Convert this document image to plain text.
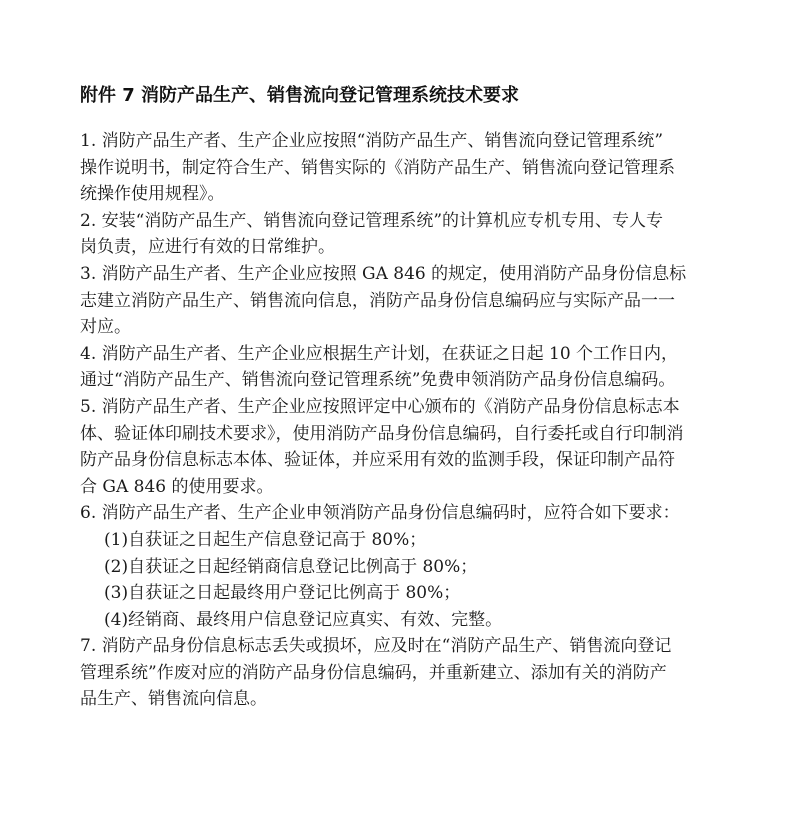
附件 7 消防产品生产、销售流向登记管理系统技术要求
1. 消防产品生产者、生产企业应按照“消防产品生产、销售流向登记管理系统”
操作说明书，制定符合生产、销售实际的《消防产品生产、销售流向登记管理系
统操作使用规程》。
2. 安装“消防产品生产、销售流向登记管理系统”的计算机应专机专用、专人专
岗负责，应进行有效的日常维护。
3. 消防产品生产者、生产企业应按照 GA 846 的规定，使用消防产品身份信息标
志建立消防产品生产、销售流向信息，消防产品身份信息编码应与实际产品一一
对应。
4. 消防产品生产者、生产企业应根据生产计划，在获证之日起 10 个工作日内，
通过“消防产品生产、销售流向登记管理系统”免费申领消防产品身份信息编码。
5. 消防产品生产者、生产企业应按照评定中心颁布的《消防产品身份信息标志本
体、验证体印刷技术要求》，使用消防产品身份信息编码，自行委托或自行印制消
防产品身份信息标志本体、验证体，并应采用有效的监测手段，保证印制产品符
合 GA 846 的使用要求。
6. 消防产品生产者、生产企业申领消防产品身份信息编码时，应符合如下要求：
(1)自获证之日起生产信息登记高于 80%；
(2)自获证之日起经销商信息登记比例高于 80%；
(3)自获证之日起最终用户登记比例高于 80%；
(4)经销商、最终用户信息登记应真实、有效、完整。
7. 消防产品身份信息标志丢失或损坏，应及时在“消防产品生产、销售流向登记
管理系统”作废对应的消防产品身份信息编码，并重新建立、添加有关的消防产
品生产、销售流向信息。
